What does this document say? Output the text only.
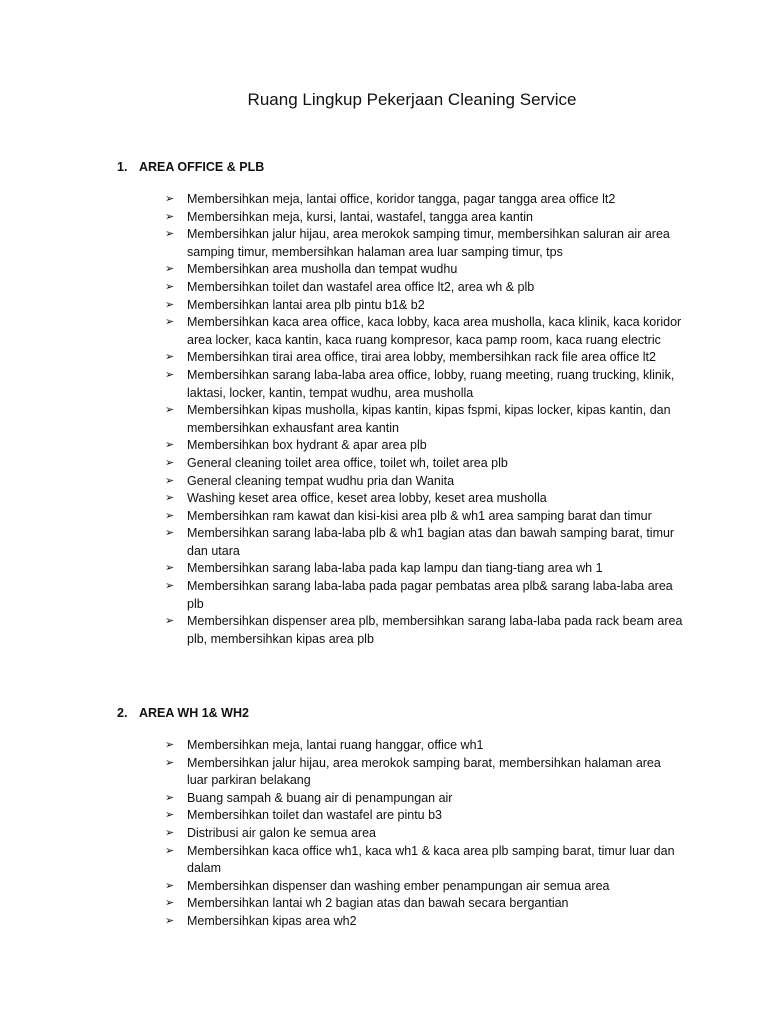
Ruang Lingkup Pekerjaan Cleaning Service
1. AREA OFFICE & PLB
➢ Membersihkan meja, lantai office, koridor tangga, pagar tangga area office lt2
➢ Membersihkan meja, kursi, lantai, wastafel, tangga area kantin
➢ Membersihkan jalur hijau, area merokok samping timur, membersihkan saluran air area samping timur, membersihkan halaman area luar samping timur, tps
➢ Membersihkan area musholla dan tempat wudhu
➢ Membersihkan toilet dan wastafel area office lt2, area wh & plb
➢ Membersihkan lantai area plb pintu b1& b2
➢ Membersihkan kaca area office, kaca lobby, kaca area musholla, kaca klinik, kaca koridor area locker, kaca kantin, kaca ruang kompresor, kaca pamp room, kaca ruang electric
➢ Membersihkan tirai area office, tirai area lobby, membersihkan rack file area office lt2
➢ Membersihkan sarang laba-laba area office, lobby, ruang meeting, ruang trucking, klinik, laktasi, locker, kantin, tempat wudhu, area musholla
➢ Membersihkan kipas musholla, kipas kantin, kipas fspmi, kipas locker, kipas kantin, dan membersihkan exhausfant area kantin
➢ Membersihkan box hydrant & apar area plb
➢ General cleaning toilet area office, toilet wh, toilet area plb
➢ General cleaning tempat wudhu pria dan Wanita
➢ Washing keset area office, keset area lobby, keset area musholla
➢ Membersihkan ram kawat dan kisi-kisi area plb & wh1 area samping barat dan timur
➢ Membersihkan sarang laba-laba plb & wh1 bagian atas dan bawah samping barat, timur dan utara
➢ Membersihkan sarang laba-laba pada kap lampu dan tiang-tiang area wh 1
➢ Membersihkan sarang laba-laba pada pagar pembatas area plb& sarang laba-laba area plb
➢ Membersihkan dispenser area plb, membersihkan sarang laba-laba pada rack beam area plb, membersihkan kipas area plb
2. AREA WH 1& WH2
➢ Membersihkan meja, lantai ruang hanggar, office wh1
➢ Membersihkan jalur hijau, area merokok samping barat, membersihkan halaman area luar parkiran belakang
➢ Buang sampah & buang air di penampungan air
➢ Membersihkan toilet dan wastafel are pintu b3
➢ Distribusi air galon ke semua area
➢ Membersihkan kaca office wh1, kaca wh1 & kaca area plb samping barat, timur luar dan dalam
➢ Membersihkan dispenser dan washing ember penampungan air semua area
➢ Membersihkan lantai wh 2 bagian atas dan bawah secara bergantian
➢ Membersihkan kipas area wh2
